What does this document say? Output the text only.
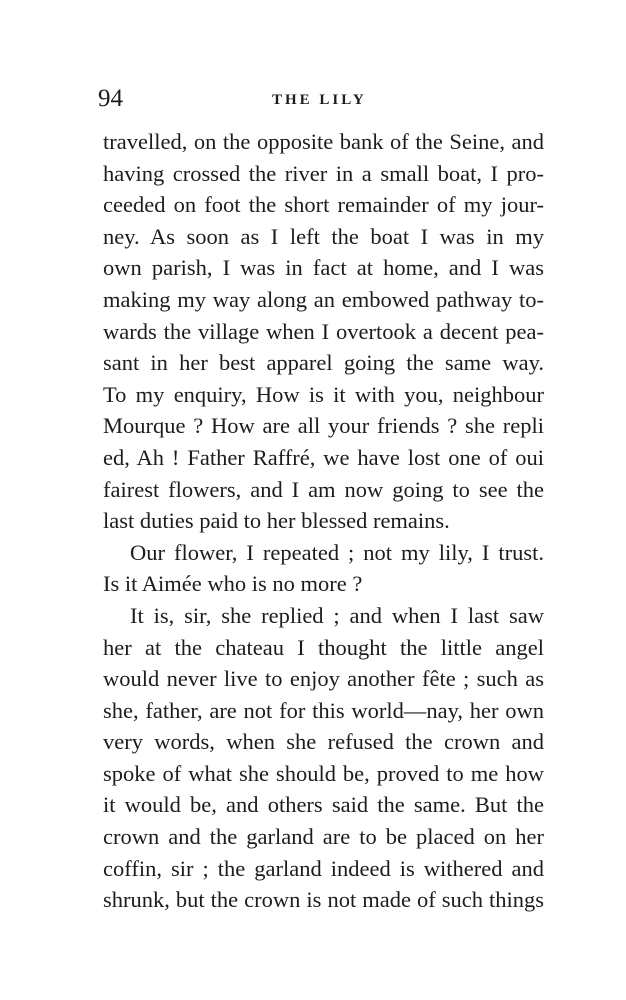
94	THE LILY
travelled, on the opposite bank of the Seine, and
having crossed the river in a small boat, I pro-
ceeded on foot the short remainder of my jour-
ney. As soon as I left the boat I was in my
own parish, I was in fact at home, and I was
making my way along an embowed pathway to-
wards the village when I overtook a decent pea-
sant in her best apparel going the same way.
To my enquiry, How is it with you, neighbour
Mourque ? How are all your friends ? she repli
ed, Ah ! Father Raffré, we have lost one of oui
fairest flowers, and I am now going to see the
last duties paid to her blessed remains.
Our flower, I repeated ; not my lily, I trust.
Is it Aimée who is no more ?
It is, sir, she replied ; and when I last saw
her at the chateau I thought the little angel
would never live to enjoy another fête ; such as
she, father, are not for this world—nay, her own
very words, when she refused the crown and
spoke of what she should be, proved to me how
it would be, and others said the same. But the
crown and the garland are to be placed on her
coffin, sir ; the garland indeed is withered and
shrunk, but the crown is not made of such things
